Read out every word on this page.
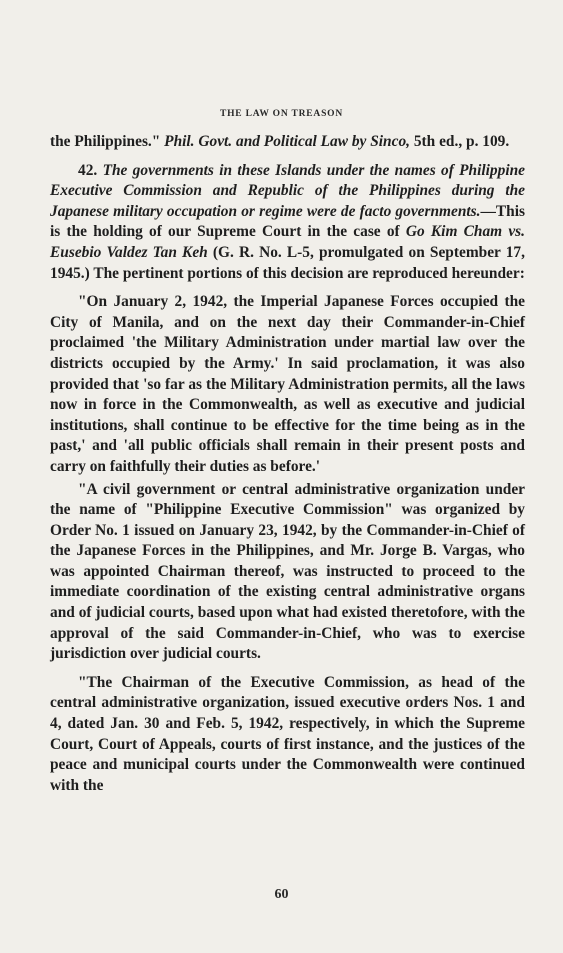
THE LAW ON TREASON

the Philippines." Phil. Govt. and Political Law by Sinco, 5th ed., p. 109.

42. The governments in these Islands under the names of Philippine Executive Commission and Republic of the Philippines during the Japanese military occupation or regime were de facto governments.—This is the holding of our Supreme Court in the case of Go Kim Cham vs. Eusebio Valdez Tan Keh (G. R. No. L-5, promulgated on September 17, 1945.) The pertinent portions of this decision are reproduced hereunder:

"On January 2, 1942, the Imperial Japanese Forces occupied the City of Manila, and on the next day their Commander-in-Chief proclaimed 'the Military Administration under martial law over the districts occupied by the Army.' In said proclamation, it was also provided that 'so far as the Military Administration permits, all the laws now in force in the Commonwealth, as well as executive and judicial institutions, shall continue to be effective for the time being as in the past,' and 'all public officials shall remain in their present posts and carry on faithfully their duties as before.'

"A civil government or central administrative organization under the name of "Philippine Executive Commission" was organized by Order No. 1 issued on January 23, 1942, by the Commander-in-Chief of the Japanese Forces in the Philippines, and Mr. Jorge B. Vargas, who was appointed Chairman thereof, was instructed to proceed to the immediate coordination of the existing central administrative organs and of judicial courts, based upon what had existed theretofore, with the approval of the said Commander-in-Chief, who was to exercise jurisdiction over judicial courts.

"The Chairman of the Executive Commission, as head of the central administrative organization, issued executive orders Nos. 1 and 4, dated Jan. 30 and Feb. 5, 1942, respectively, in which the Supreme Court, Court of Appeals, courts of first instance, and the justices of the peace and municipal courts under the Commonwealth were continued with the

60
